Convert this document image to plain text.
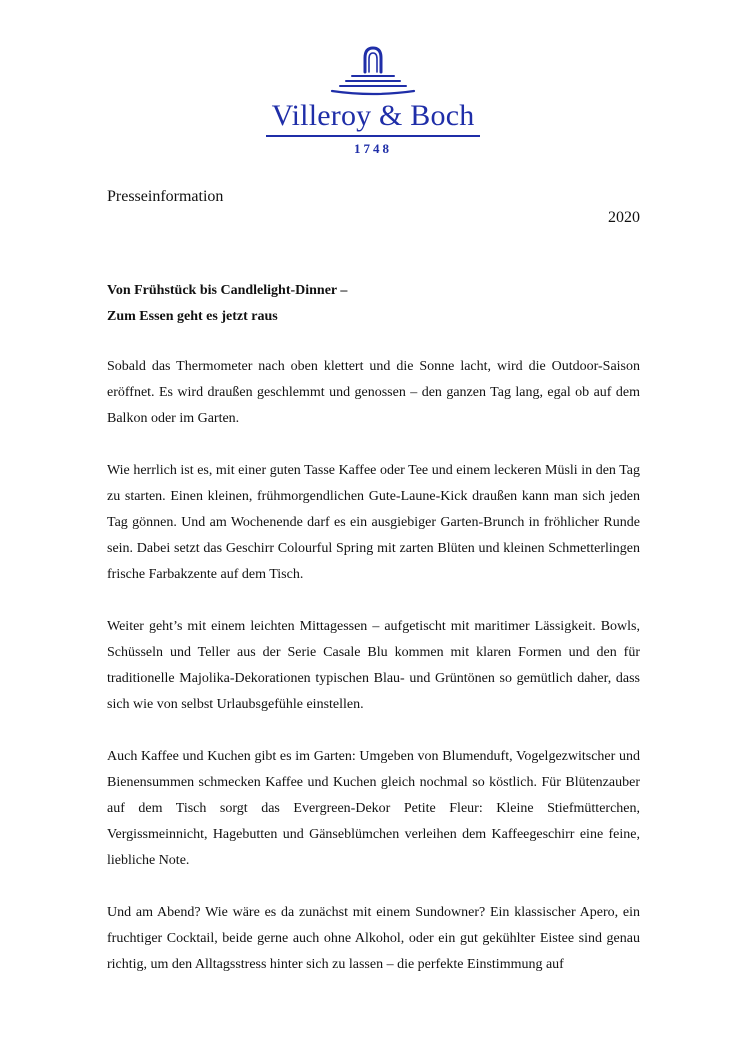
Villeroy & Boch
1748
Presseinformation
2020
Von Frühstück bis Candlelight-Dinner –
Zum Essen geht es jetzt raus

Sobald das Thermometer nach oben klettert und die Sonne lacht, wird die Outdoor-Saison eröffnet. Es wird draußen geschlemmt und genossen – den ganzen Tag lang, egal ob auf dem Balkon oder im Garten.

Wie herrlich ist es, mit einer guten Tasse Kaffee oder Tee und einem leckeren Müsli in den Tag zu starten. Einen kleinen, frühmorgendlichen Gute-Laune-Kick draußen kann man sich jeden Tag gönnen. Und am Wochenende darf es ein ausgiebiger Garten-Brunch in fröhlicher Runde sein. Dabei setzt das Geschirr Colourful Spring mit zarten Blüten und kleinen Schmetterlingen frische Farbakzente auf dem Tisch.

Weiter geht’s mit einem leichten Mittagessen – aufgetischt mit maritimer Lässigkeit. Bowls, Schüsseln und Teller aus der Serie Casale Blu kommen mit klaren Formen und den für traditionelle Majolika-Dekorationen typischen Blau- und Grüntönen so gemütlich daher, dass sich wie von selbst Urlaubsgefühle einstellen.

Auch Kaffee und Kuchen gibt es im Garten: Umgeben von Blumenduft, Vogelgezwitscher und Bienensummen schmecken Kaffee und Kuchen gleich nochmal so köstlich. Für Blütenzauber auf dem Tisch sorgt das Evergreen-Dekor Petite Fleur: Kleine Stiefmütterchen, Vergissmeinnicht, Hagebutten und Gänseblümchen verleihen dem Kaffeegeschirr eine feine, liebliche Note.

Und am Abend? Wie wäre es da zunächst mit einem Sundowner? Ein klassischer Apero, ein fruchtiger Cocktail, beide gerne auch ohne Alkohol, oder ein gut gekühlter Eistee sind genau richtig, um den Alltagsstress hinter sich zu lassen – die perfekte Einstimmung auf
